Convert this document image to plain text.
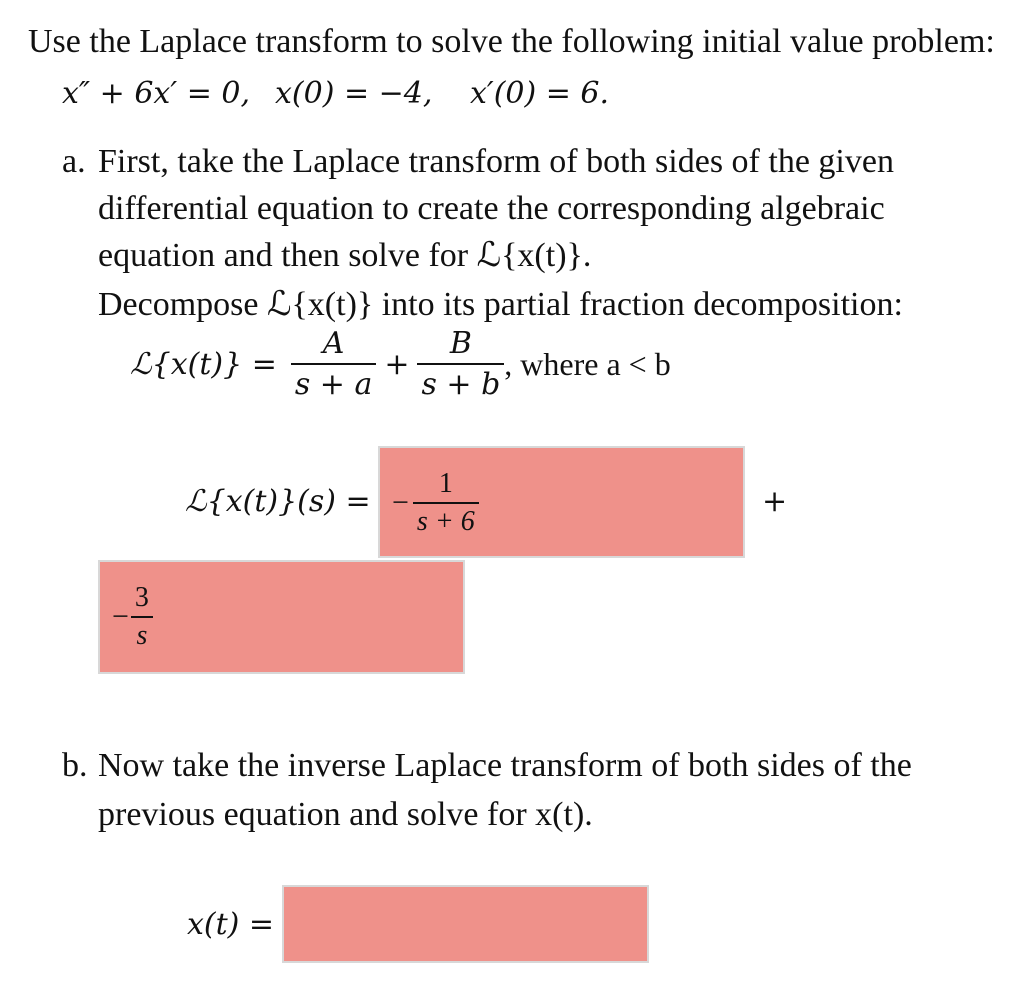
Use the Laplace transform to solve the following initial value problem:
x″ + 6x′ = 0, x(0) = −4, x′(0) = 6.
a. First, take the Laplace transform of both sides of the given
differential equation to create the corresponding algebraic
equation and then solve for ℒ{x(t)}.
Decompose ℒ{x(t)} into its partial fraction decomposition:
ℒ{x(t)} = $\frac{A}{s + a} + \frac{B}{s + b}$ , where a < b
ℒ{x(t)}(s) = − $\frac{1}{s + 6}$	+
− $\frac{3}{s}$
b. Now take the inverse Laplace transform of both sides of the
previous equation and solve for x(t).
x(t) =
